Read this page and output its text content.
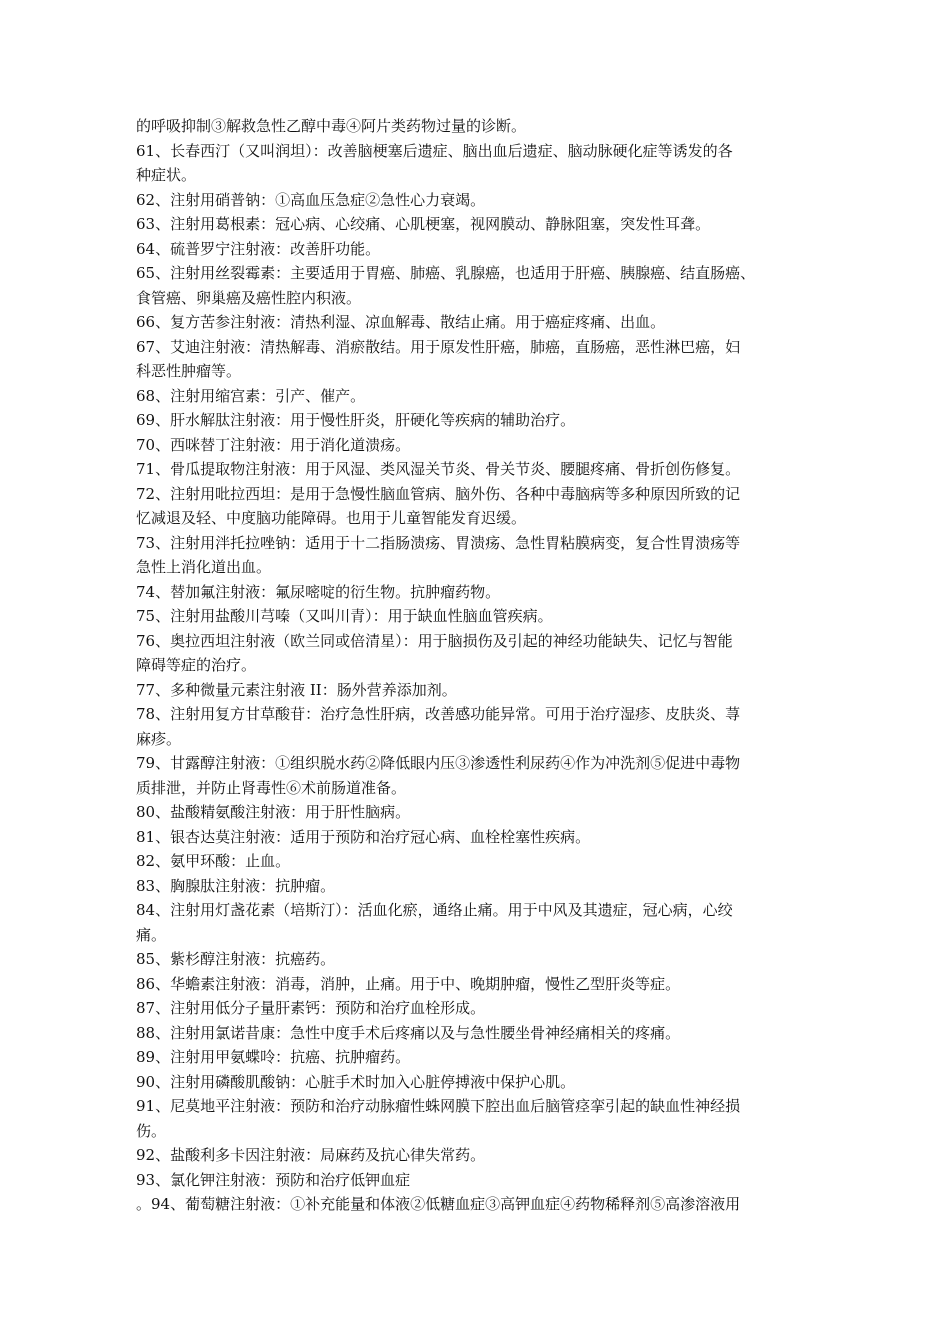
的呼吸抑制③解救急性乙醇中毒④阿片类药物过量的诊断。
61、长春西汀（又叫润坦）：改善脑梗塞后遗症、脑出血后遗症、脑动脉硬化症等诱发的各
种症状。
62、注射用硝普钠：①高血压急症②急性心力衰竭。
63、注射用葛根素：冠心病、心绞痛、心肌梗塞，视网膜动、静脉阻塞，突发性耳聋。
64、硫普罗宁注射液：改善肝功能。
65、注射用丝裂霉素：主要适用于胃癌、肺癌、乳腺癌，也适用于肝癌、胰腺癌、结直肠癌、
食管癌、卵巢癌及癌性腔内积液。
66、复方苦参注射液：清热利湿、凉血解毒、散结止痛。用于癌症疼痛、出血。
67、艾迪注射液：清热解毒、消瘀散结。用于原发性肝癌，肺癌，直肠癌，恶性淋巴癌，妇
科恶性肿瘤等。
68、注射用缩宫素：引产、催产。
69、肝水解肽注射液：用于慢性肝炎，肝硬化等疾病的辅助治疗。
70、西咪替丁注射液：用于消化道溃疡。
71、骨瓜提取物注射液：用于风湿、类风湿关节炎、骨关节炎、腰腿疼痛、骨折创伤修复。
72、注射用吡拉西坦：是用于急慢性脑血管病、脑外伤、各种中毒脑病等多种原因所致的记
忆减退及轻、中度脑功能障碍。也用于儿童智能发育迟缓。
73、注射用泮托拉唑钠：适用于十二指肠溃疡、胃溃疡、急性胃粘膜病变，复合性胃溃疡等
急性上消化道出血。
74、替加氟注射液：氟尿嘧啶的衍生物。抗肿瘤药物。
75、注射用盐酸川芎嗪（又叫川青）：用于缺血性脑血管疾病。
76、奥拉西坦注射液（欧兰同或倍清星）：用于脑损伤及引起的神经功能缺失、记忆与智能
障碍等症的治疗。
77、多种微量元素注射液 II：肠外营养添加剂。
78、注射用复方甘草酸苷：治疗急性肝病，改善感功能异常。可用于治疗湿疹、皮肤炎、荨
麻疹。
79、甘露醇注射液：①组织脱水药②降低眼内压③渗透性利尿药④作为冲洗剂⑤促进中毒物
质排泄，并防止肾毒性⑥术前肠道准备。
80、盐酸精氨酸注射液：用于肝性脑病。
81、银杏达莫注射液：适用于预防和治疗冠心病、血栓栓塞性疾病。
82、氨甲环酸：止血。
83、胸腺肽注射液：抗肿瘤。
84、注射用灯盏花素（培斯汀）：活血化瘀，通络止痛。用于中风及其遗症，冠心病，心绞
痛。
85、紫杉醇注射液：抗癌药。
86、华蟾素注射液：消毒，消肿，止痛。用于中、晚期肿瘤，慢性乙型肝炎等症。
87、注射用低分子量肝素钙：预防和治疗血栓形成。
88、注射用氯诺昔康：急性中度手术后疼痛以及与急性腰坐骨神经痛相关的疼痛。
89、注射用甲氨蝶呤：抗癌、抗肿瘤药。
90、注射用磷酸肌酸钠：心脏手术时加入心脏停搏液中保护心肌。
91、尼莫地平注射液：预防和治疗动脉瘤性蛛网膜下腔出血后脑管痉挛引起的缺血性神经损
伤。
92、盐酸利多卡因注射液：局麻药及抗心律失常药。
93、氯化钾注射液：预防和治疗低钾血症
。94、葡萄糖注射液：①补充能量和体液②低糖血症③高钾血症④药物稀释剂⑤高渗溶液用
